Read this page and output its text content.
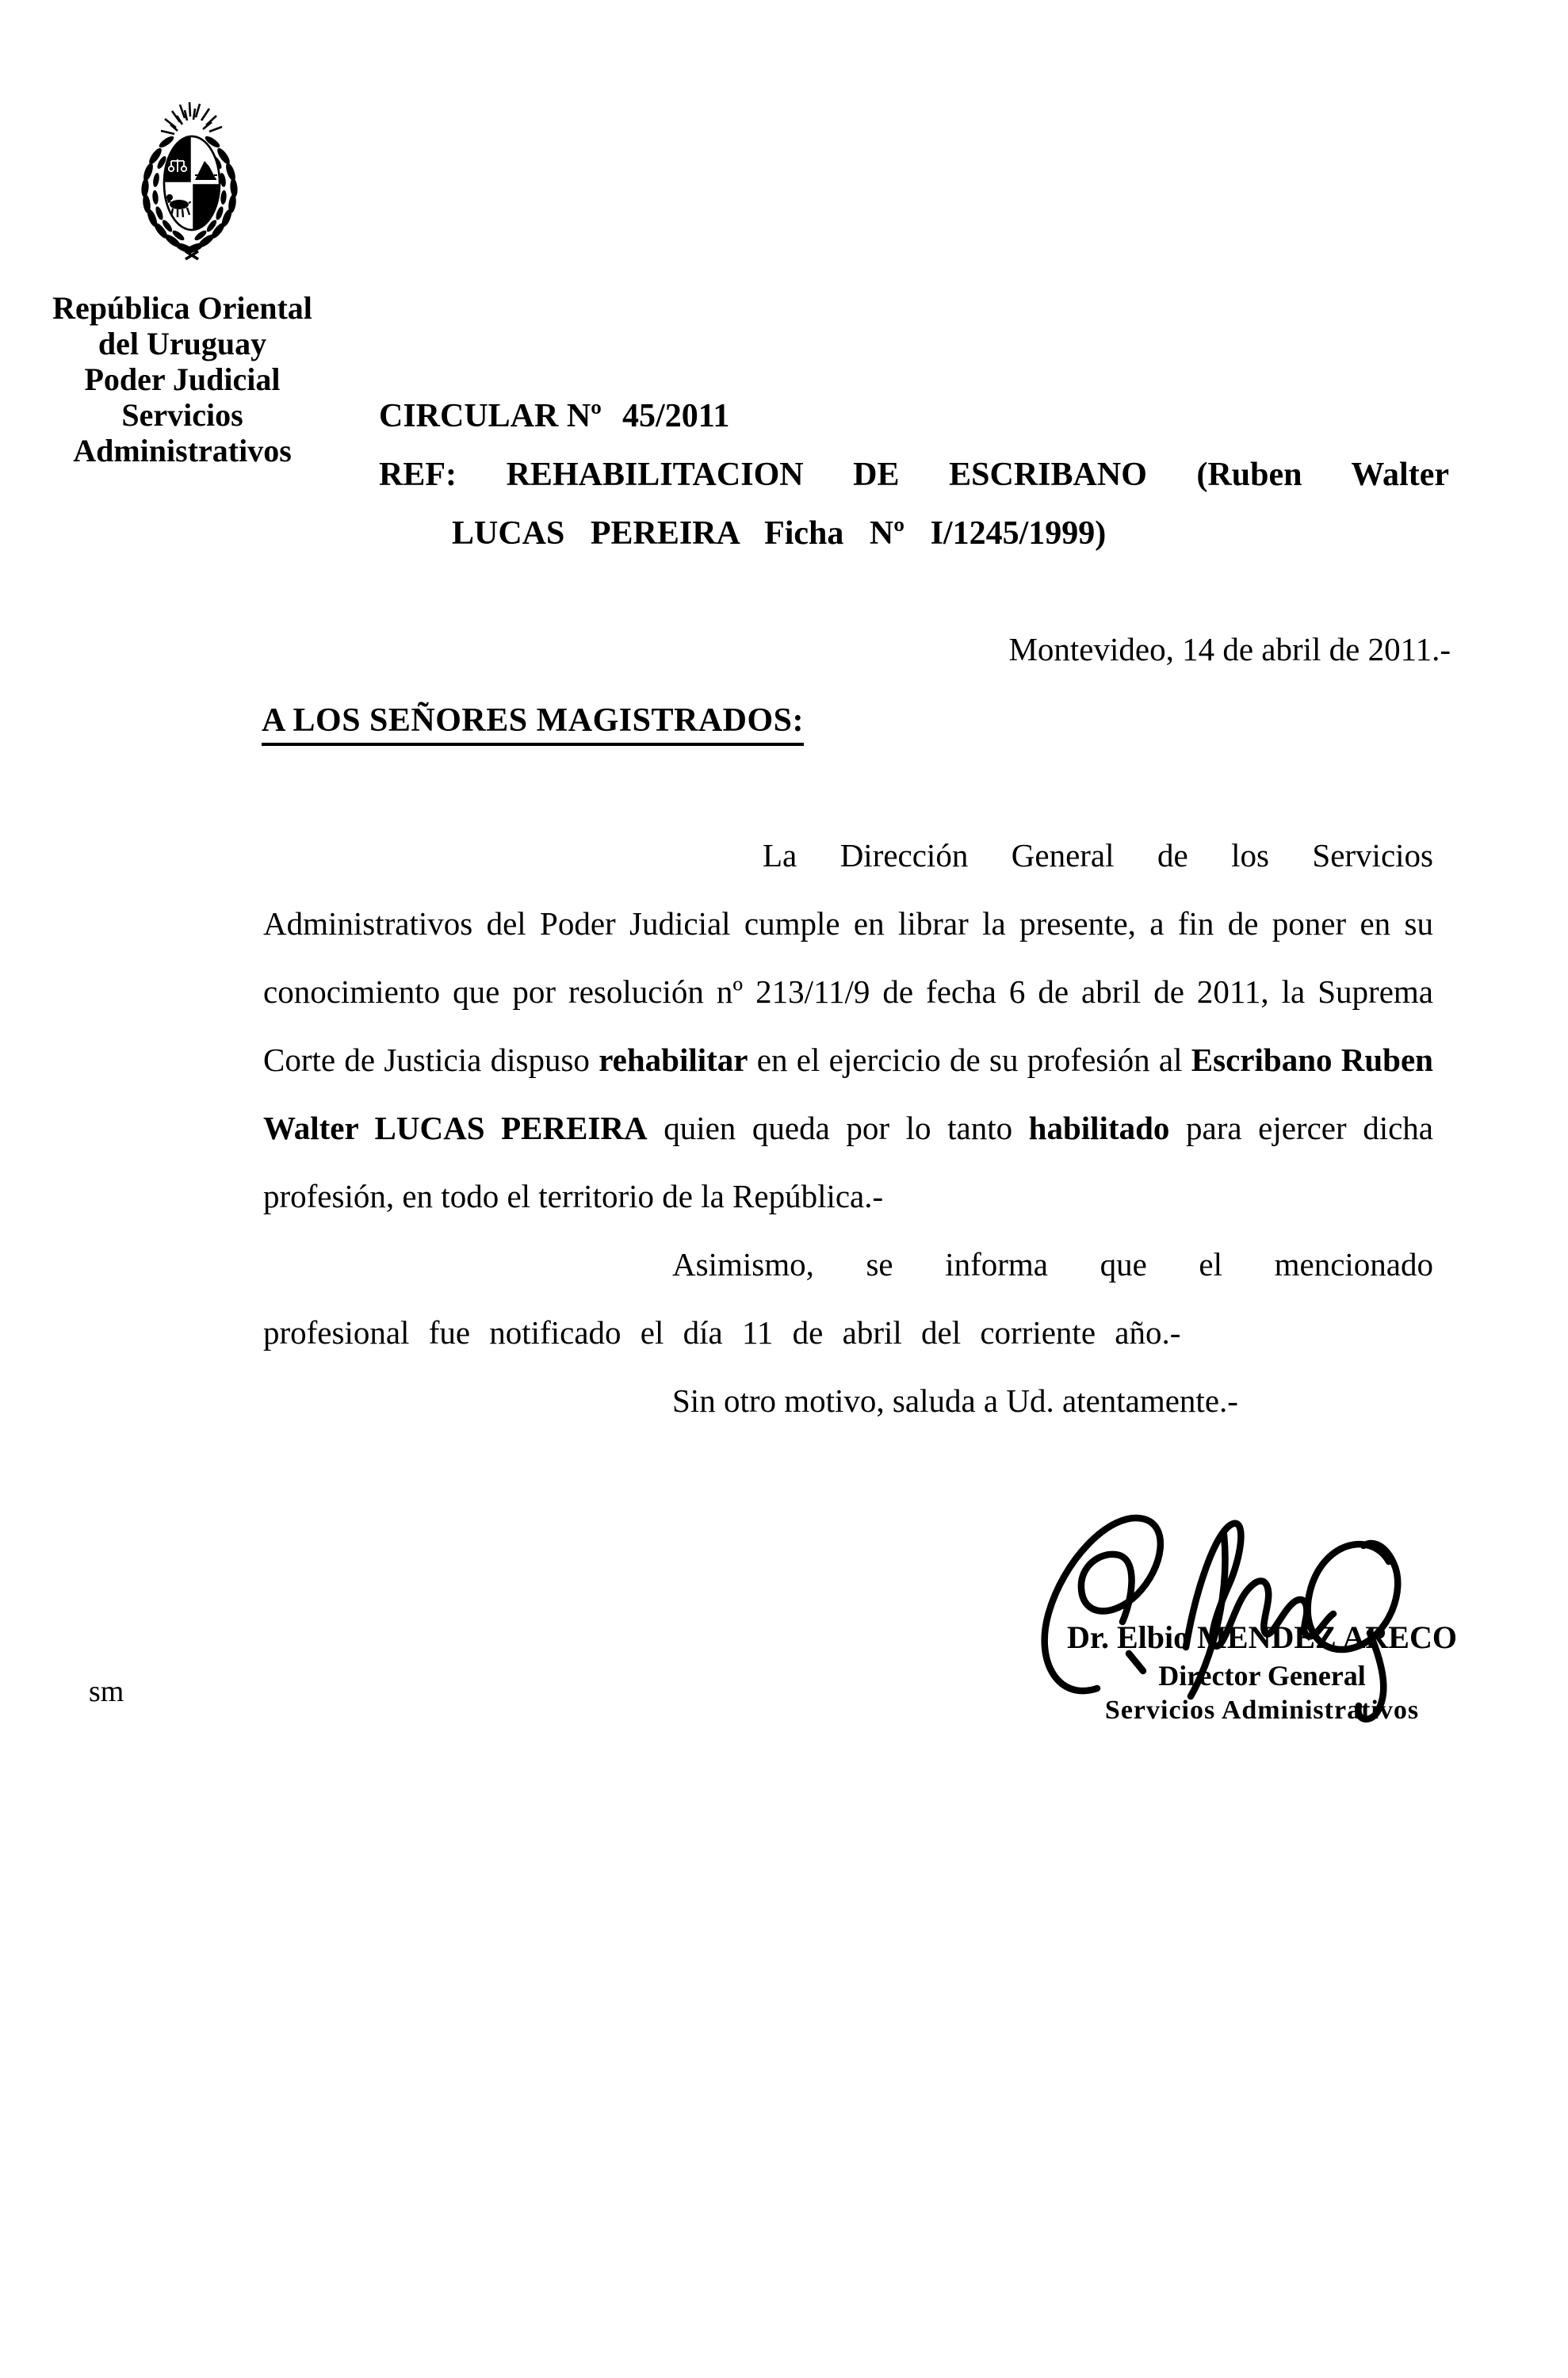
República Oriental
del Uruguay
Poder Judicial
Servicios
Administrativos
CIRCULAR Nº 45/2011

REF: REHABILITACION DE ESCRIBANO (Ruben Walter LUCAS PEREIRA Ficha Nº I/1245/1999)

Montevideo, 14 de abril de 2011.-
A LOS SEÑORES MAGISTRADOS:

La Dirección General de los Servicios Administrativos del Poder Judicial cumple en librar la presente, a fin de poner en su conocimiento que por resolución nº 213/11/9 de fecha 6 de abril de 2011, la Suprema Corte de Justicia dispuso rehabilitar en el ejercicio de su profesión al Escribano Ruben Walter LUCAS PEREIRA quien queda por lo tanto habilitado para ejercer dicha profesión, en todo el territorio de la República.-

Asimismo, se informa que el mencionado profesional fue notificado el día 11 de abril del corriente año.-

Sin otro motivo, saluda a Ud. atentamente.-

Dr. Elbio MENDEZ ARECO
Director General
Servicios Administrativos
sm
